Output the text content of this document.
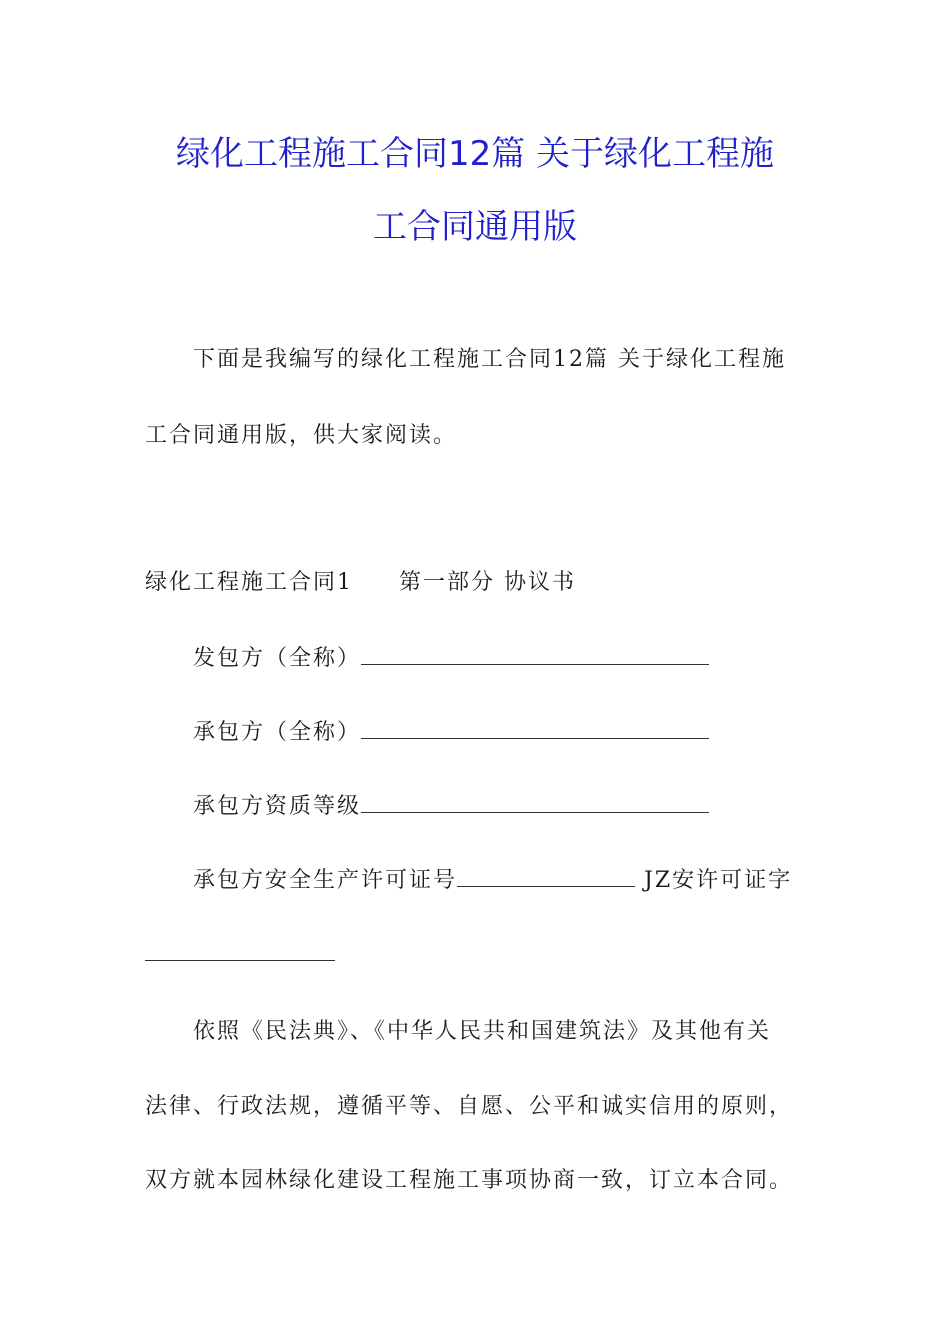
绿化工程施工合同12篇 关于绿化工程施
工合同通用版
下面是我编写的绿化工程施工合同12篇 关于绿化工程施
工合同通用版，供大家阅读。
绿化工程施工合同1 第一部分 协议书
发包方（全称）
承包方（全称）
承包方资质等级
承包方安全生产许可证号	JZ安许可证字
依照《民法典》、《中华人民共和国建筑法》及其他有关
法律、行政法规，遵循平等、自愿、公平和诚实信用的原则，
双方就本园林绿化建设工程施工事项协商一致，订立本合同。
